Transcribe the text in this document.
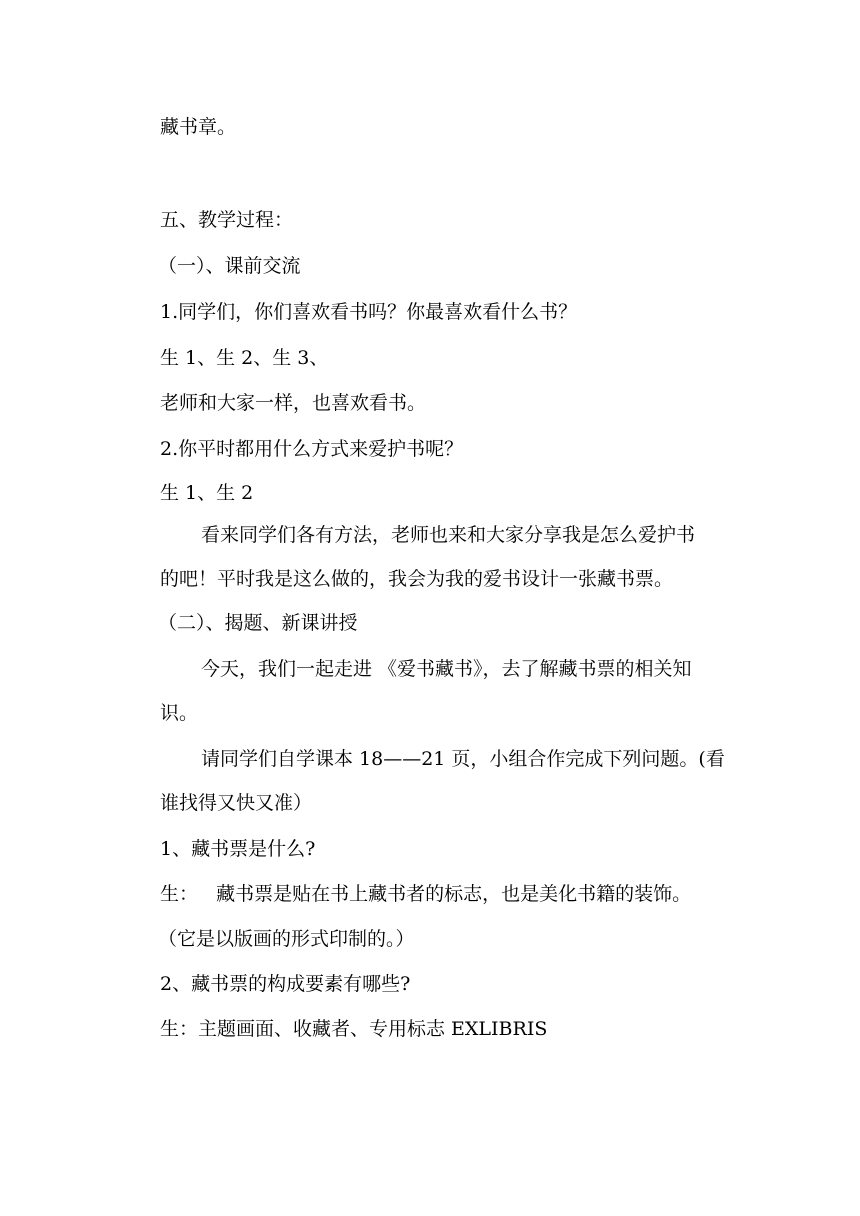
藏书章。
五、教学过程：
（一）、课前交流
1.同学们，你们喜欢看书吗？你最喜欢看什么书？
生 1、生 2、生 3、
老师和大家一样，也喜欢看书。
2.你平时都用什么方式来爱护书呢？
生 1、生 2
看来同学们各有方法，老师也来和大家分享我是怎么爱护书
的吧！平时我是这么做的，我会为我的爱书设计一张藏书票。
（二）、揭题、新课讲授
今天，我们一起走进 《爱书藏书》，去了解藏书票的相关知
识。
请同学们自学课本 18——21 页，小组合作完成下列问题。(看
谁找得又快又准）
1、藏书票是什么?
生：   藏书票是贴在书上藏书者的标志，也是美化书籍的装饰。
（它是以版画的形式印制的。）
2、藏书票的构成要素有哪些?
生：主题画面、收藏者、专用标志 EXLIBRIS
